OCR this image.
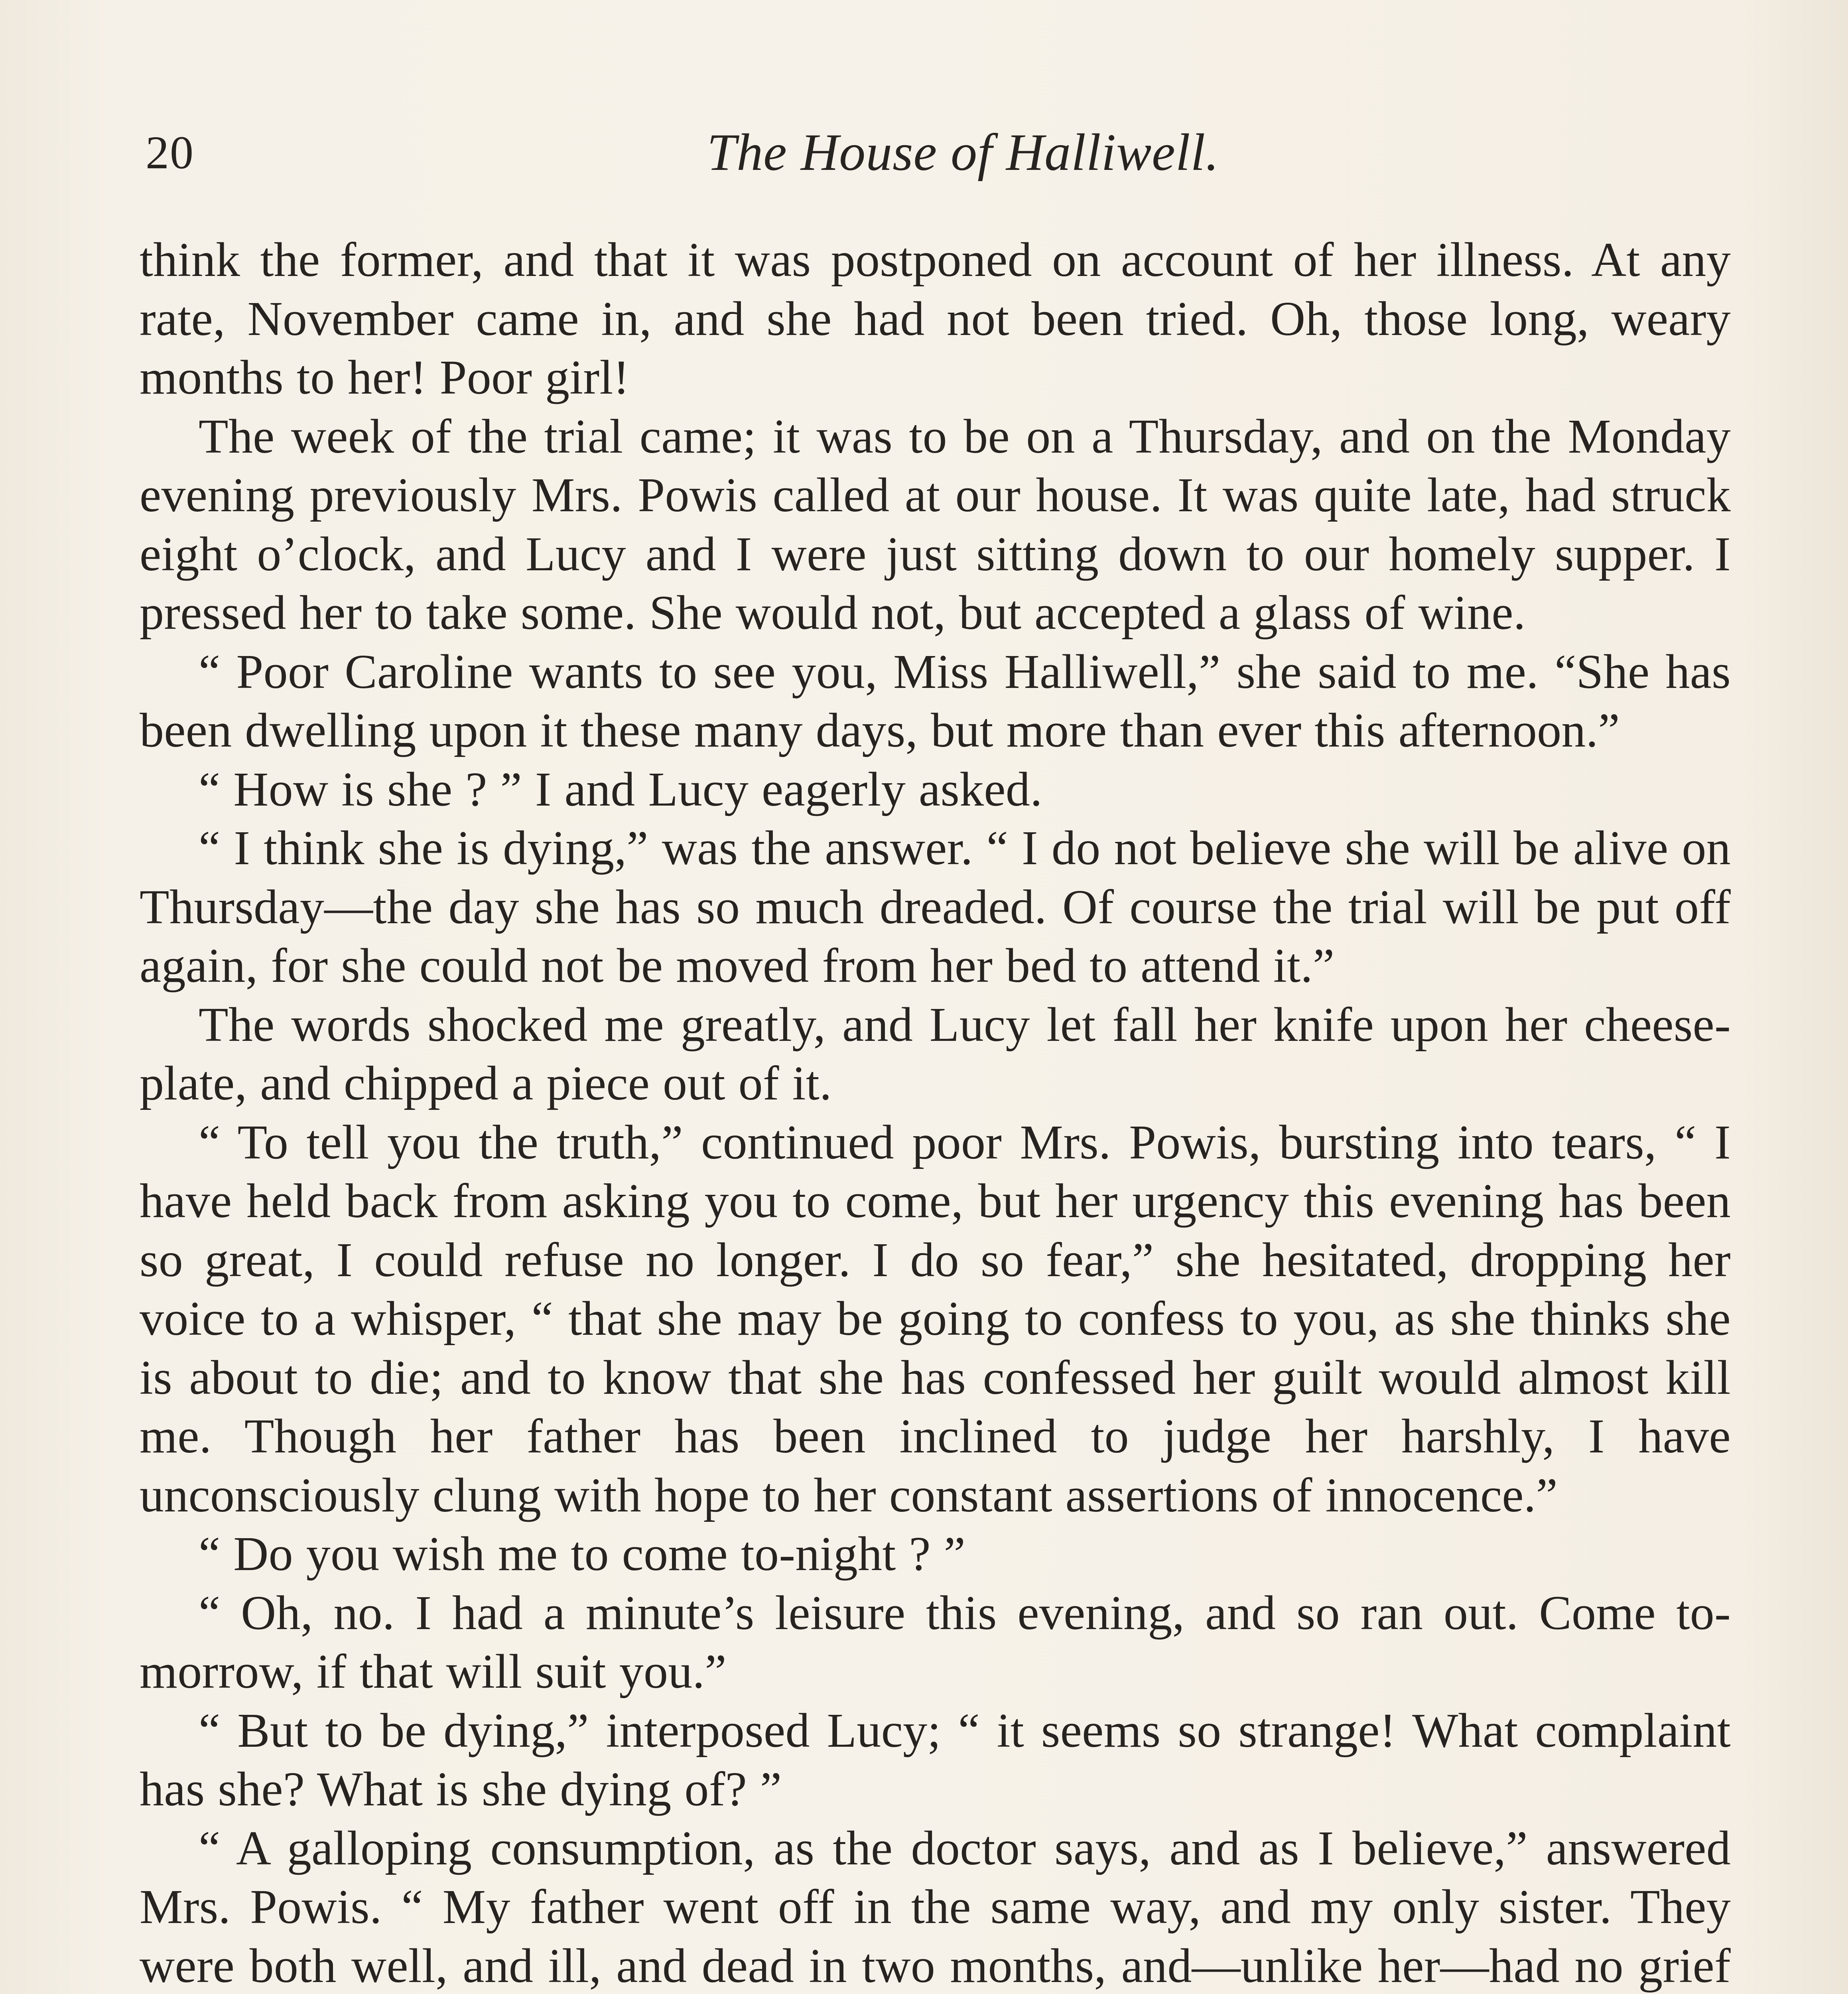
20	The House of Halliwell.

think the former, and that it was postponed on account of her illness. At any rate, November came in, and she had not been tried. Oh, those long, weary months to her! Poor girl!

The week of the trial came; it was to be on a Thursday, and on the Monday evening previously Mrs. Powis called at our house. It was quite late, had struck eight o’clock, and Lucy and I were just sitting down to our homely supper. I pressed her to take some. She would not, but accepted a glass of wine.

“ Poor Caroline wants to see you, Miss Halliwell,” she said to me. “She has been dwelling upon it these many days, but more than ever this afternoon.”

“ How is she ? ” I and Lucy eagerly asked.

“ I think she is dying,” was the answer. “ I do not believe she will be alive on Thursday—the day she has so much dreaded. Of course the trial will be put off again, for she could not be moved from her bed to attend it.”

The words shocked me greatly, and Lucy let fall her knife upon her cheese-plate, and chipped a piece out of it.

“ To tell you the truth,” continued poor Mrs. Powis, bursting into tears, “ I have held back from asking you to come, but her urgency this evening has been so great, I could refuse no longer. I do so fear,” she hesitated, dropping her voice to a whisper, “ that she may be going to confess to you, as she thinks she is about to die; and to know that she has confessed her guilt would almost kill me. Though her father has been inclined to judge her harshly, I have unconsciously clung with hope to her constant assertions of innocence.”

“ Do you wish me to come to-night ? ”

“ Oh, no. I had a minute’s leisure this evening, and so ran out. Come to-morrow, if that will suit you.”

“ But to be dying,” interposed Lucy; “ it seems so strange! What complaint has she? What is she dying of? ”

“ A galloping consumption, as the doctor says, and as I believe,” answered Mrs. Powis. “ My father went off in the same way, and my only sister. They were both well, and ill, and dead in two months, and—unlike her—had no grief
